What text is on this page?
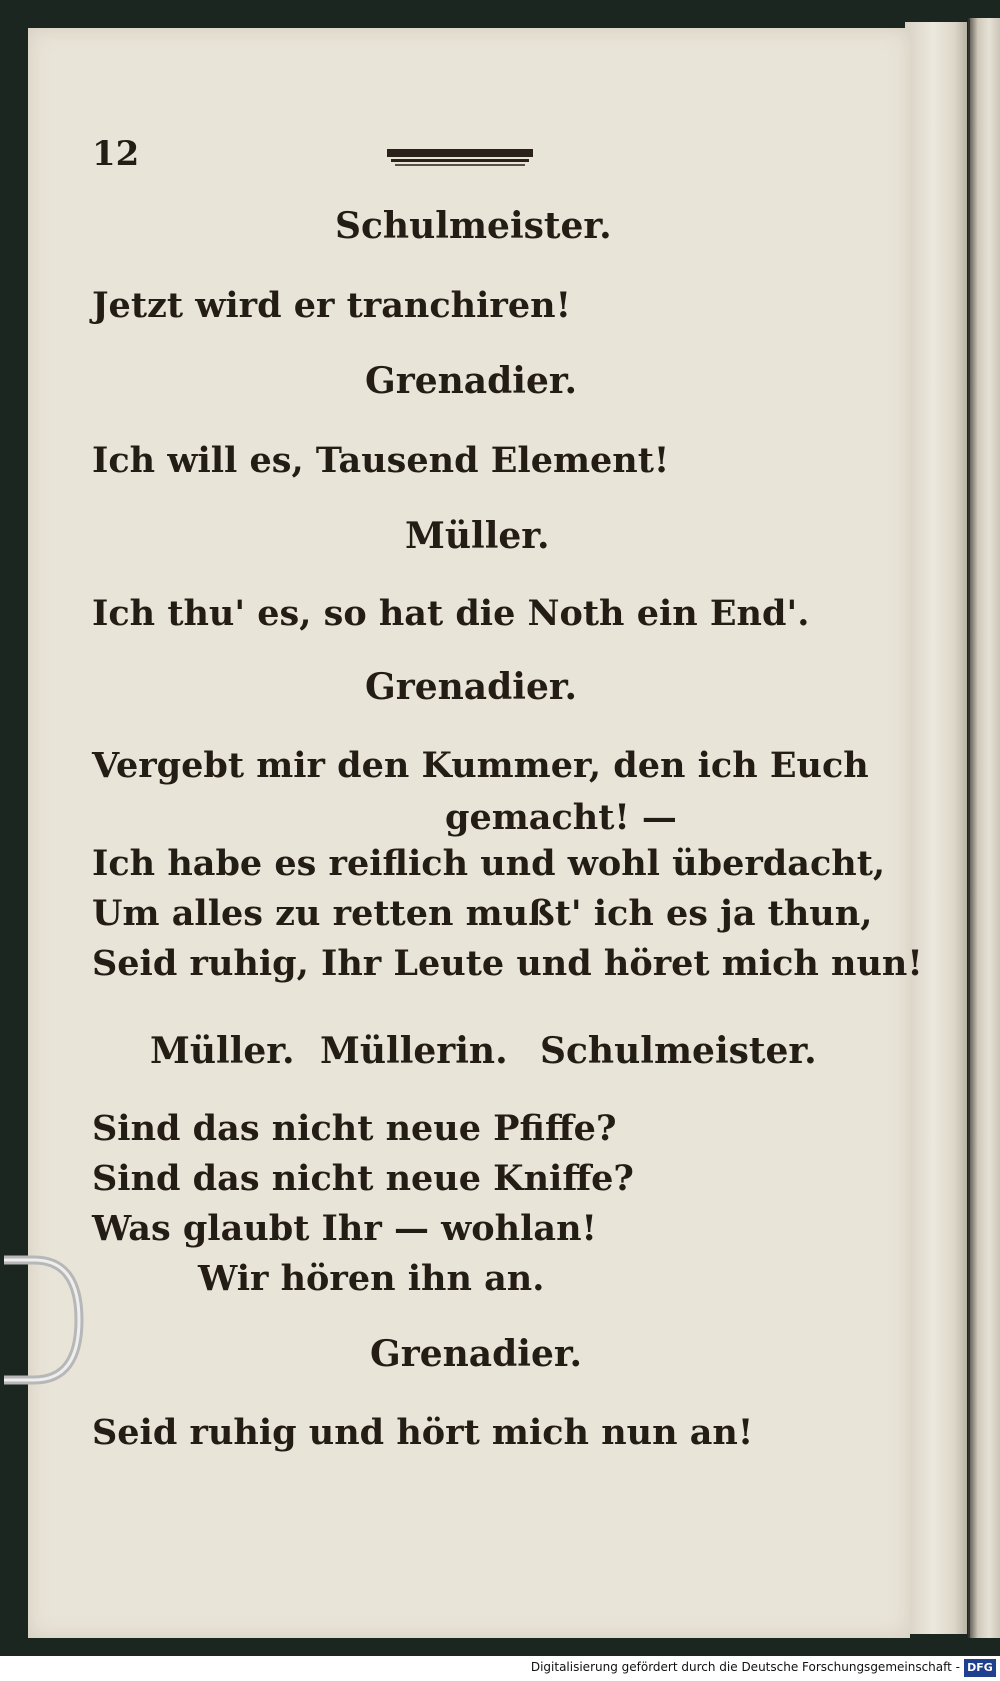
12
Schulmeister.
Jetzt wird er tranchiren!
Grenadier.
Ich will es, Tausend Element!
Müller.
Ich thu' es, so hat die Noth ein End'.
Grenadier.
Vergebt mir den Kummer, den ich Euch
gemacht! —
Ich habe es reiflich und wohl überdacht,
Um alles zu retten mußt' ich es ja thun,
Seid ruhig, Ihr Leute und höret mich nun!
Müller. Müllerin. Schulmeister.
Sind das nicht neue Pfiffe?
Sind das nicht neue Kniffe?
Was glaubt Ihr — wohlan!
Wir hören ihn an.
Grenadier.
Seid ruhig und hört mich nun an!
Digitalisierung gefördert durch die Deutsche Forschungsgemeinschaft - DFG
